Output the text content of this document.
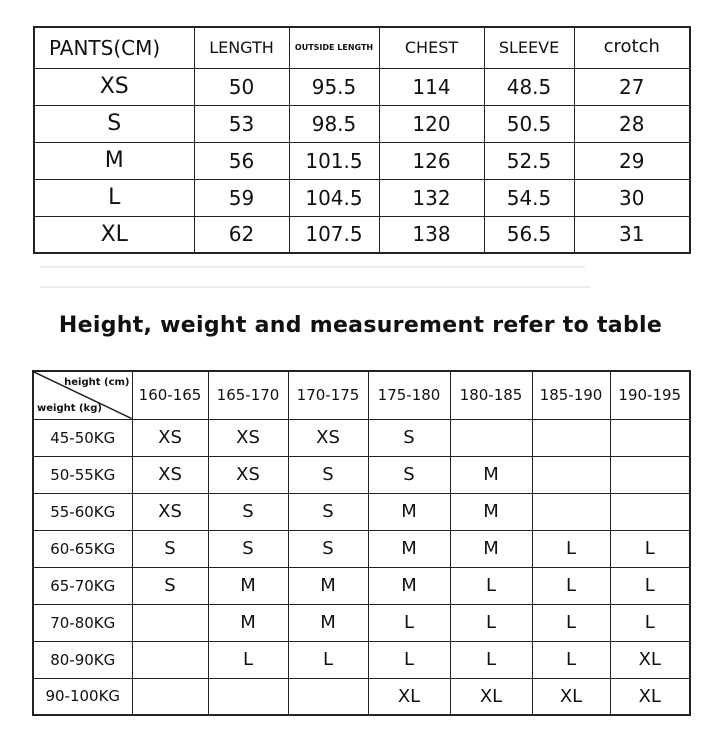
PANTS(CM)	LENGTH	OUTSIDE LENGTH	CHEST	SLEEVE	crotch
XS	50	95.5	114	48.5	27
S	53	98.5	120	50.5	28
M	56	101.5	126	52.5	29
L	59	104.5	132	54.5	30
XL	62	107.5	138	56.5	31
Height, weight and measurement refer to table
height (cm)
weight (kg)	160-165	165-170	170-175	175-180	180-185	185-190	190-195
45-50KG	XS	XS	XS	S			
50-55KG	XS	XS	S	S	M		
55-60KG	XS	S	S	M	M		
60-65KG	S	S	S	M	M	L	L
65-70KG	S	M	M	M	L	L	L
70-80KG		M	M	L	L	L	L
80-90KG		L	L	L	L	L	XL
90-100KG				XL	XL	XL	XL
